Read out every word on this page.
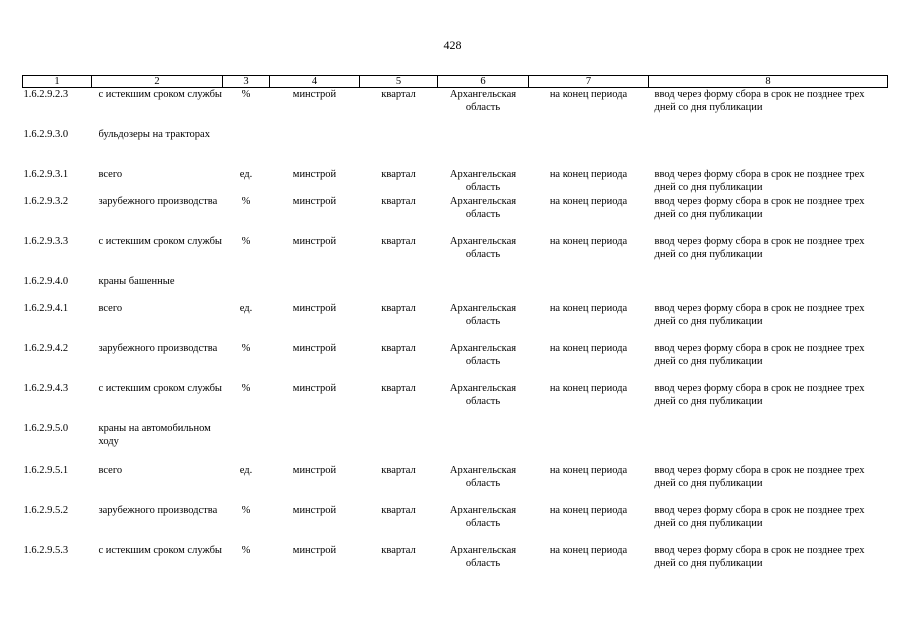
428
1	2	3	4	5	6	7	8
1.6.2.9.2.3	с истекшим сроком службы	%	минстрой	квартал	Архангельская область	на конец периода	ввод через форму сбора в срок не позднее трех дней со дня публикации
1.6.2.9.3.0	бульдозеры на тракторах						
1.6.2.9.3.1	всего	ед.	минстрой	квартал	Архангельская область	на конец периода	ввод через форму сбора в срок не позднее трех дней со дня публикации
1.6.2.9.3.2	зарубежного производства	%	минстрой	квартал	Архангельская область	на конец периода	ввод через форму сбора в срок не позднее трех дней со дня публикации
1.6.2.9.3.3	с истекшим сроком службы	%	минстрой	квартал	Архангельская область	на конец периода	ввод через форму сбора в срок не позднее трех дней со дня публикации
1.6.2.9.4.0	краны башенные						
1.6.2.9.4.1	всего	ед.	минстрой	квартал	Архангельская область	на конец периода	ввод через форму сбора в срок не позднее трех дней со дня публикации
1.6.2.9.4.2	зарубежного производства	%	минстрой	квартал	Архангельская область	на конец периода	ввод через форму сбора в срок не позднее трех дней со дня публикации
1.6.2.9.4.3	с истекшим сроком службы	%	минстрой	квартал	Архангельская область	на конец периода	ввод через форму сбора в срок не позднее трех дней со дня публикации
1.6.2.9.5.0	краны на автомобильном ходу						
1.6.2.9.5.1	всего	ед.	минстрой	квартал	Архангельская область	на конец периода	ввод через форму сбора в срок не позднее трех дней со дня публикации
1.6.2.9.5.2	зарубежного производства	%	минстрой	квартал	Архангельская область	на конец периода	ввод через форму сбора в срок не позднее трех дней со дня публикации
1.6.2.9.5.3	с истекшим сроком службы	%	минстрой	квартал	Архангельская область	на конец периода	ввод через форму сбора в срок не позднее трех дней со дня публикации
